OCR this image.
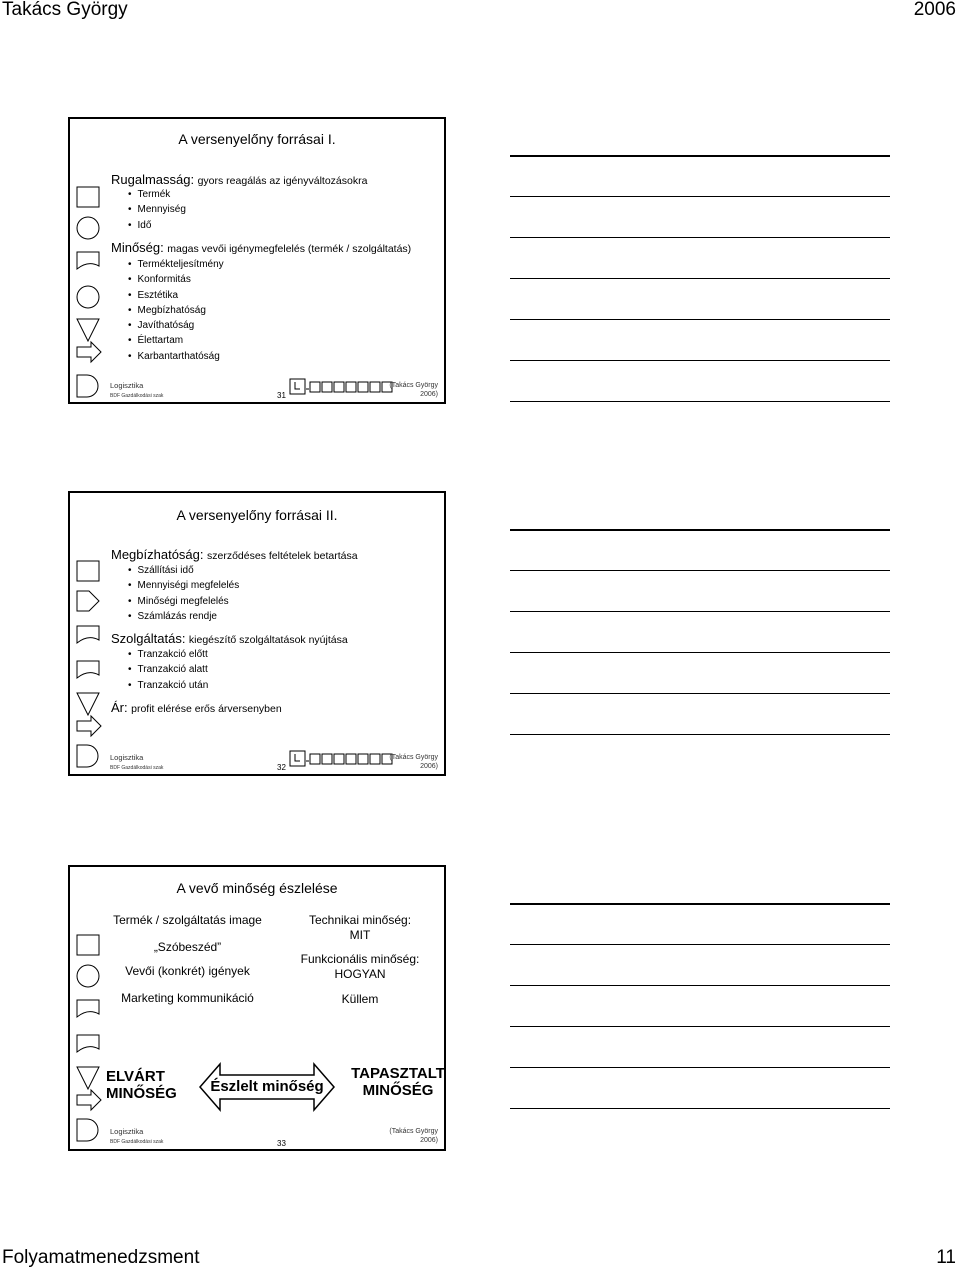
Takács György	2006
Folyamatmenedzsment	11
A versenyelőny forrásai I.
Rugalmasság: gyors reagálás az igényváltozásokra
• Termék
• Mennyiség
• Idő
Minőség: magas vevői igénymegfelelés (termék / szolgáltatás)
• Termékteljesítmény
• Konformitás
• Esztétika
• Megbízhatóság
• Javíthatóság
• Élettartam
• Karbantarthatóság
Logisztika
BDF Gazdálkodási szak	31
(Takács György
2006)
A versenyelőny forrásai II.
Megbízhatóság: szerződéses feltételek betartása
• Szállítási idő
• Mennyiségi megfelelés
• Minőségi megfelelés
• Számlázás rendje
Szolgáltatás: kiegészítő szolgáltatások nyújtása
• Tranzakció előtt
• Tranzakció alatt
• Tranzakció után
Ár: profit elérése erős árversenyben
Logisztika
BDF Gazdálkodási szak	32
(Takács György
2006)
A vevő minőség észlelése
Termék / szolgáltatás image
„Szóbeszéd”
Vevői (konkrét) igények
Marketing kommunikáció
Technikai minőség:
MIT
Funkcionális minőség:
HOGYAN
Küllem
ELVÁRT
MINŐSÉG	Észlelt minőség
TAPASZTALT
MINŐSÉG
Logisztika
BDF Gazdálkodási szak	33
(Takács György
2006)
